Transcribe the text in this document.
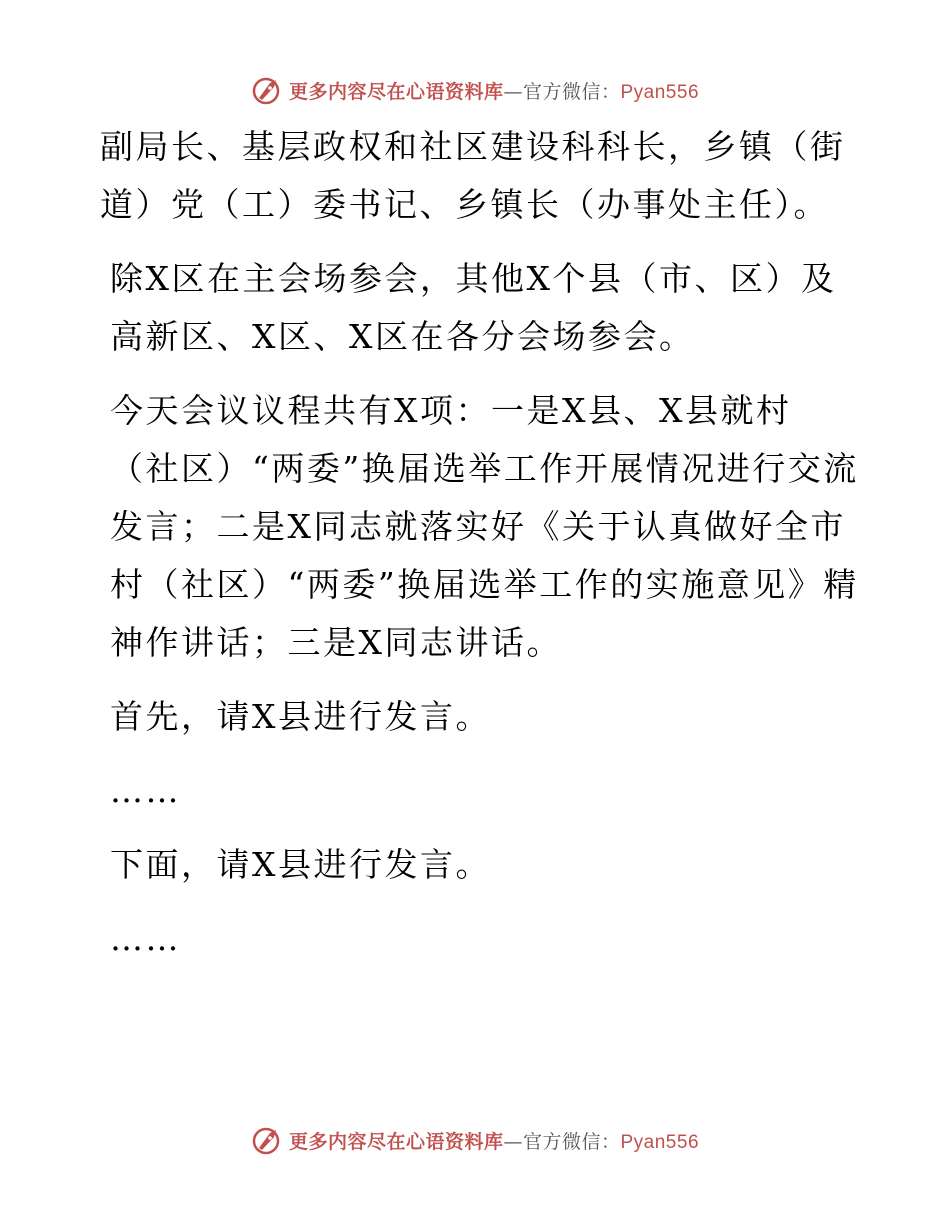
更多内容尽在心语资料库—官方微信：Pyan556

副局长、基层政权和社区建设科科长，乡镇（街道）党（工）委书记、乡镇长（办事处主任）。

除X区在主会场参会，其他X个县（市、区）及高新区、X区、X区在各分会场参会。

今天会议议程共有X项：一是X县、X县就村（社区）“两委”换届选举工作开展情况进行交流发言；二是X同志就落实好《关于认真做好全市村（社区）“两委”换届选举工作的实施意见》精神作讲话；三是X同志讲话。

首先，请X县进行发言。

……

下面，请X县进行发言。

……

更多内容尽在心语资料库—官方微信：Pyan556
